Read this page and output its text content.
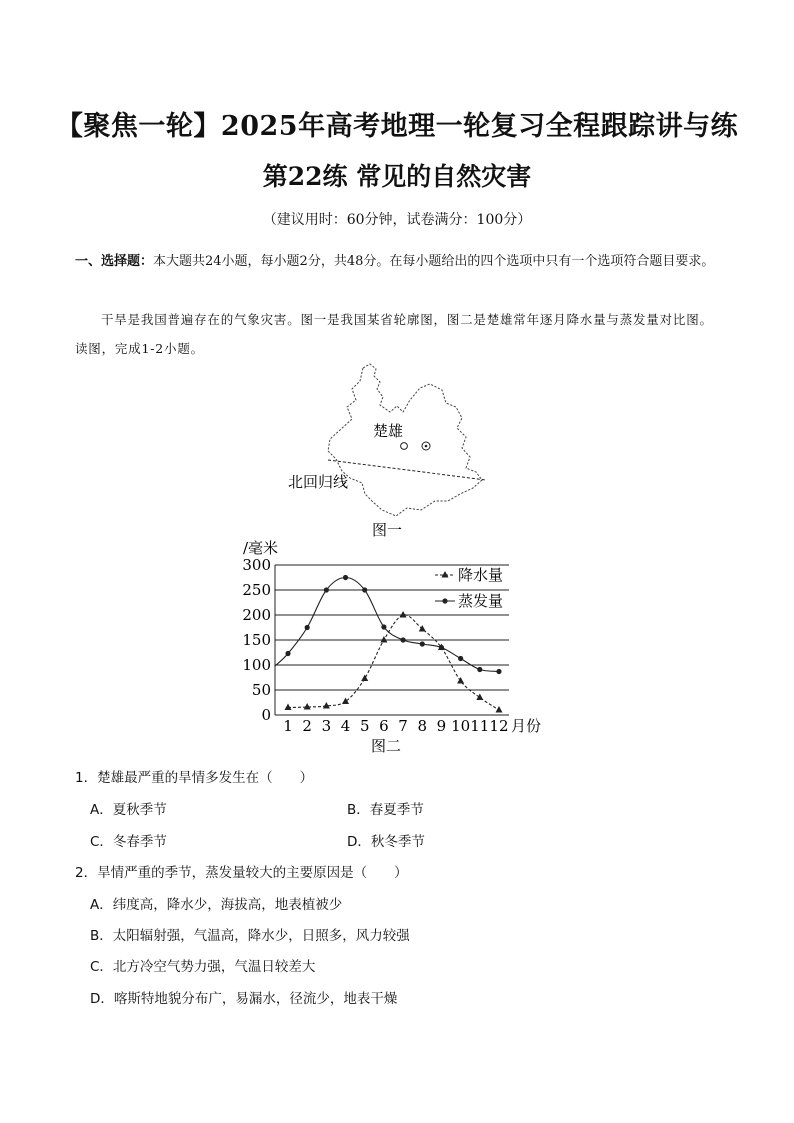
【聚焦一轮】2025年高考地理一轮复习全程跟踪讲与练
第22练 常见的自然灾害
（建议用时：60分钟，试卷满分：100分）
一、选择题：本大题共24小题，每小题2分，共48分。在每小题给出的四个选项中只有一个选项符合题目要求。
干旱是我国普遍存在的气象灾害。图一是我国某省轮廓图，图二是楚雄常年逐月降水量与蒸发量对比图。读图，完成1-2小题。
楚雄
北回归线
图一
0
50
100
150
200
250
300
1 2 3 4 5 6 7 8 9 10 11 12
降水量
蒸发量
/毫米
月份
图二
1．楚雄最严重的旱情多发生在（　　）
A．夏秋季节	B．春夏季节
C．冬春季节	D．秋冬季节
2．旱情严重的季节，蒸发量较大的主要原因是（　　）
A．纬度高，降水少，海拔高，地表植被少
B．太阳辐射强，气温高，降水少，日照多，风力较强
C．北方冷空气势力强，气温日较差大
D．喀斯特地貌分布广，易漏水，径流少，地表干燥
